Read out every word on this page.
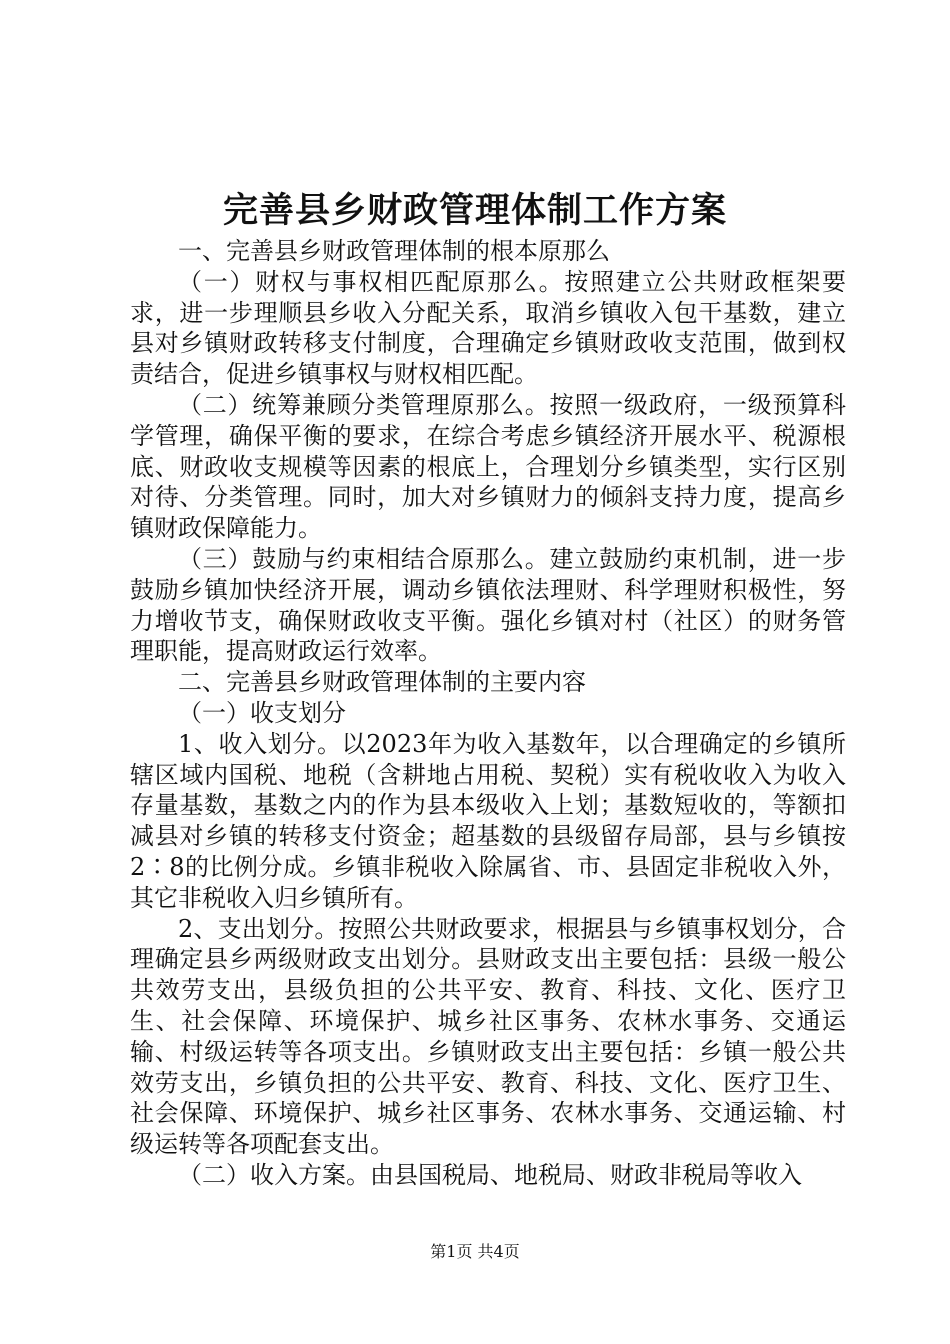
完善县乡财政管理体制工作方案

一、完善县乡财政管理体制的根本原那么

（一）财权与事权相匹配原那么。按照建立公共财政框架要求，进一步理顺县乡收入分配关系，取消乡镇收入包干基数，建立县对乡镇财政转移支付制度，合理确定乡镇财政收支范围，做到权责结合，促进乡镇事权与财权相匹配。

（二）统筹兼顾分类管理原那么。按照一级政府，一级预算科学管理，确保平衡的要求，在综合考虑乡镇经济开展水平、税源根底、财政收支规模等因素的根底上，合理划分乡镇类型，实行区别对待、分类管理。同时，加大对乡镇财力的倾斜支持力度，提高乡镇财政保障能力。

（三）鼓励与约束相结合原那么。建立鼓励约束机制，进一步鼓励乡镇加快经济开展，调动乡镇依法理财、科学理财积极性，努力增收节支，确保财政收支平衡。强化乡镇对村（社区）的财务管理职能，提高财政运行效率。

二、完善县乡财政管理体制的主要内容

（一）收支划分

1、收入划分。以2023年为收入基数年，以合理确定的乡镇所辖区域内国税、地税（含耕地占用税、契税）实有税收收入为收入存量基数，基数之内的作为县本级收入上划；基数短收的，等额扣减县对乡镇的转移支付资金；超基数的县级留存局部，县与乡镇按2∶8的比例分成。乡镇非税收入除属省、市、县固定非税收入外，其它非税收入归乡镇所有。

2、支出划分。按照公共财政要求，根据县与乡镇事权划分，合理确定县乡两级财政支出划分。县财政支出主要包括：县级一般公共效劳支出，县级负担的公共平安、教育、科技、文化、医疗卫生、社会保障、环境保护、城乡社区事务、农林水事务、交通运输、村级运转等各项支出。乡镇财政支出主要包括：乡镇一般公共效劳支出，乡镇负担的公共平安、教育、科技、文化、医疗卫生、社会保障、环境保护、城乡社区事务、农林水事务、交通运输、村级运转等各项配套支出。

（二）收入方案。由县国税局、地税局、财政非税局等收入

第1页 共4页
